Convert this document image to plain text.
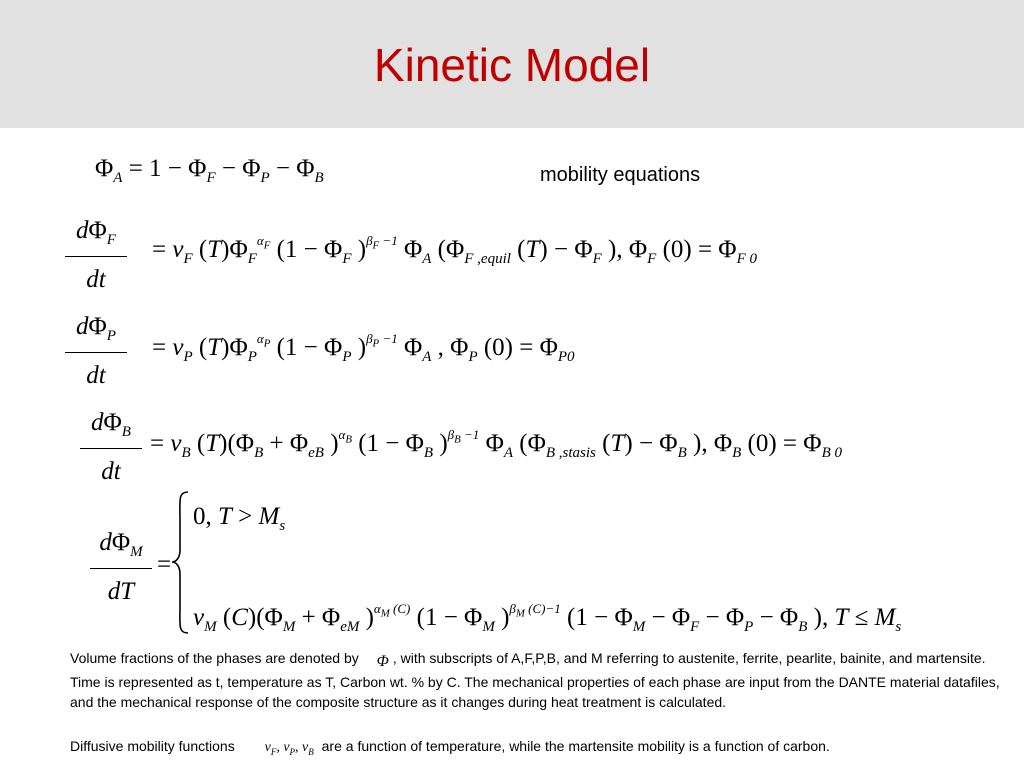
Kinetic Model
$\Phi_A = 1 - \Phi_F - \Phi_P - \Phi_B$	mobility equations
$d\Phi_F$
dt
= $\nu_F$ $(T)\Phi_F^{\alpha_F}$ ($1 - \Phi_F$ )$^{\beta_F -1}$ $\Phi_A$ ($\Phi_{F ,equil}$ $(T) - \Phi_F$ ), $\Phi_F$ $(0) = \Phi_{F 0}$
$d\Phi_P$
dt
= $\nu_P$ $(T)\Phi_P^{\alpha_P}$ ($1 - \Phi_P$ )$^{\beta_P -1}$ $\Phi_A$ , $\Phi_P$ $(0) = \Phi_{P0}$
$d\Phi_B$
dt
= $\nu_B$ $(T)(\Phi_B + \Phi_{eB}$ )$^{\alpha_B}$ ($1 - \Phi_B$ )$^{\beta_B -1}$ $\Phi_A$ ($\Phi_{B ,stasis}$ $(T) - \Phi_B$ ), $\Phi_B$ $(0) = \Phi_{B 0}$
$d\Phi_M$
dT
=
0, $T > M_s$
$\nu_M$ $(C)(\Phi_M + \Phi_{eM}$ )$^{\alpha_M (C)}$ ($1 - \Phi_M$ )$^{\beta_M (C)-1}$ ($1 - \Phi_M - \Phi_F - \Phi_P - \Phi_B$ ), $T \le M_s$
Volume fractions of the phases are denoted by Φ , with subscripts of A,F,P,B, and M referring to austenite, ferrite, pearlite, bainite, and martensite. Time is represented as t, temperature as T, Carbon wt. % by C. The mechanical properties of each phase are input from the DANTE material datafiles, and the mechanical response of the composite structure as it changes during heat treatment is calculated.
Diffusive mobility functions $\nu_F$, $\nu_P$, $\nu_B$ are a function of temperature, while the martensite mobility is a function of carbon.
